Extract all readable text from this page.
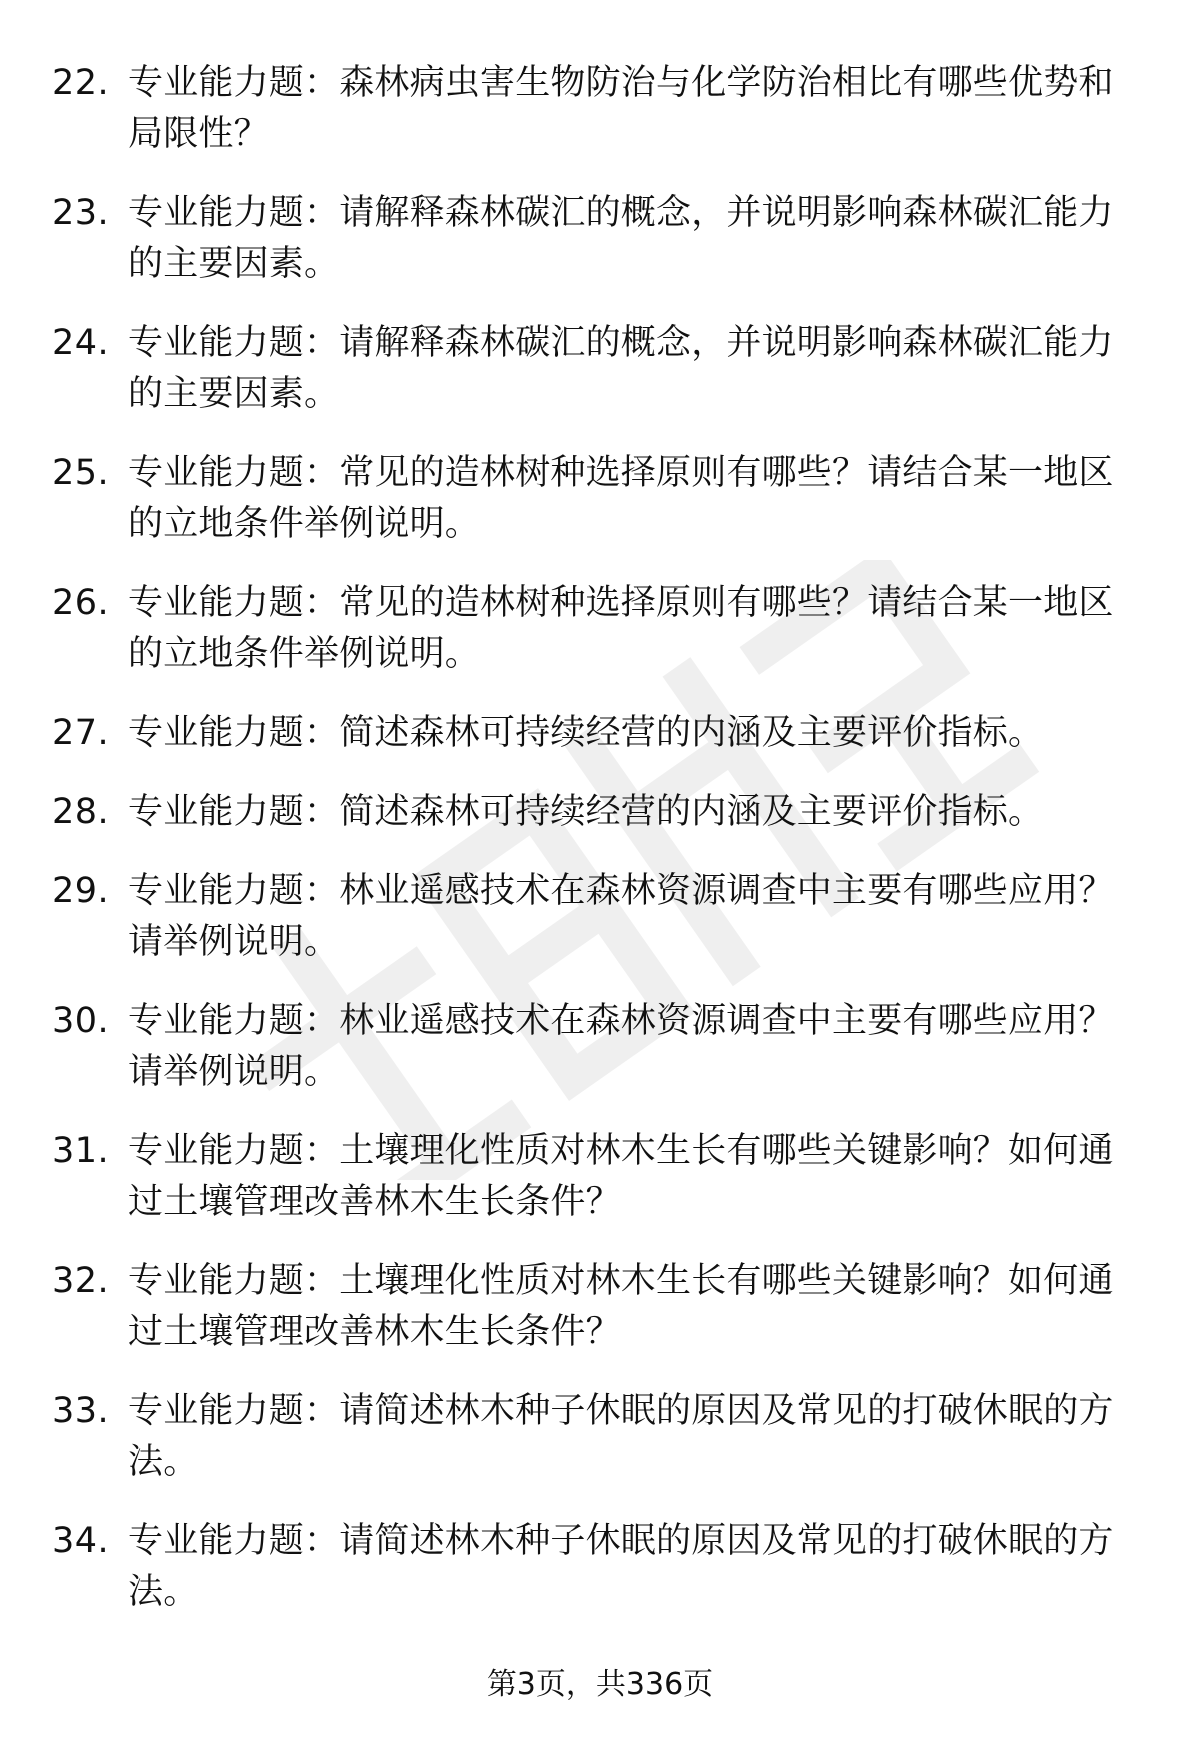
22. 专业能力题：森林病虫害生物防治与化学防治相比有哪些优势和局限性？
23. 专业能力题：请解释森林碳汇的概念，并说明影响森林碳汇能力的主要因素。
24. 专业能力题：请解释森林碳汇的概念，并说明影响森林碳汇能力的主要因素。
25. 专业能力题：常见的造林树种选择原则有哪些？请结合某一地区的立地条件举例说明。
26. 专业能力题：常见的造林树种选择原则有哪些？请结合某一地区的立地条件举例说明。
27. 专业能力题：简述森林可持续经营的内涵及主要评价指标。
28. 专业能力题：简述森林可持续经营的内涵及主要评价指标。
29. 专业能力题：林业遥感技术在森林资源调查中主要有哪些应用？请举例说明。
30. 专业能力题：林业遥感技术在森林资源调查中主要有哪些应用？请举例说明。
31. 专业能力题：土壤理化性质对林木生长有哪些关键影响？如何通过土壤管理改善林木生长条件？
32. 专业能力题：土壤理化性质对林木生长有哪些关键影响？如何通过土壤管理改善林木生长条件？
33. 专业能力题：请简述林木种子休眠的原因及常见的打破休眠的方法。
34. 专业能力题：请简述林木种子休眠的原因及常见的打破休眠的方法。
第3页，共336页
